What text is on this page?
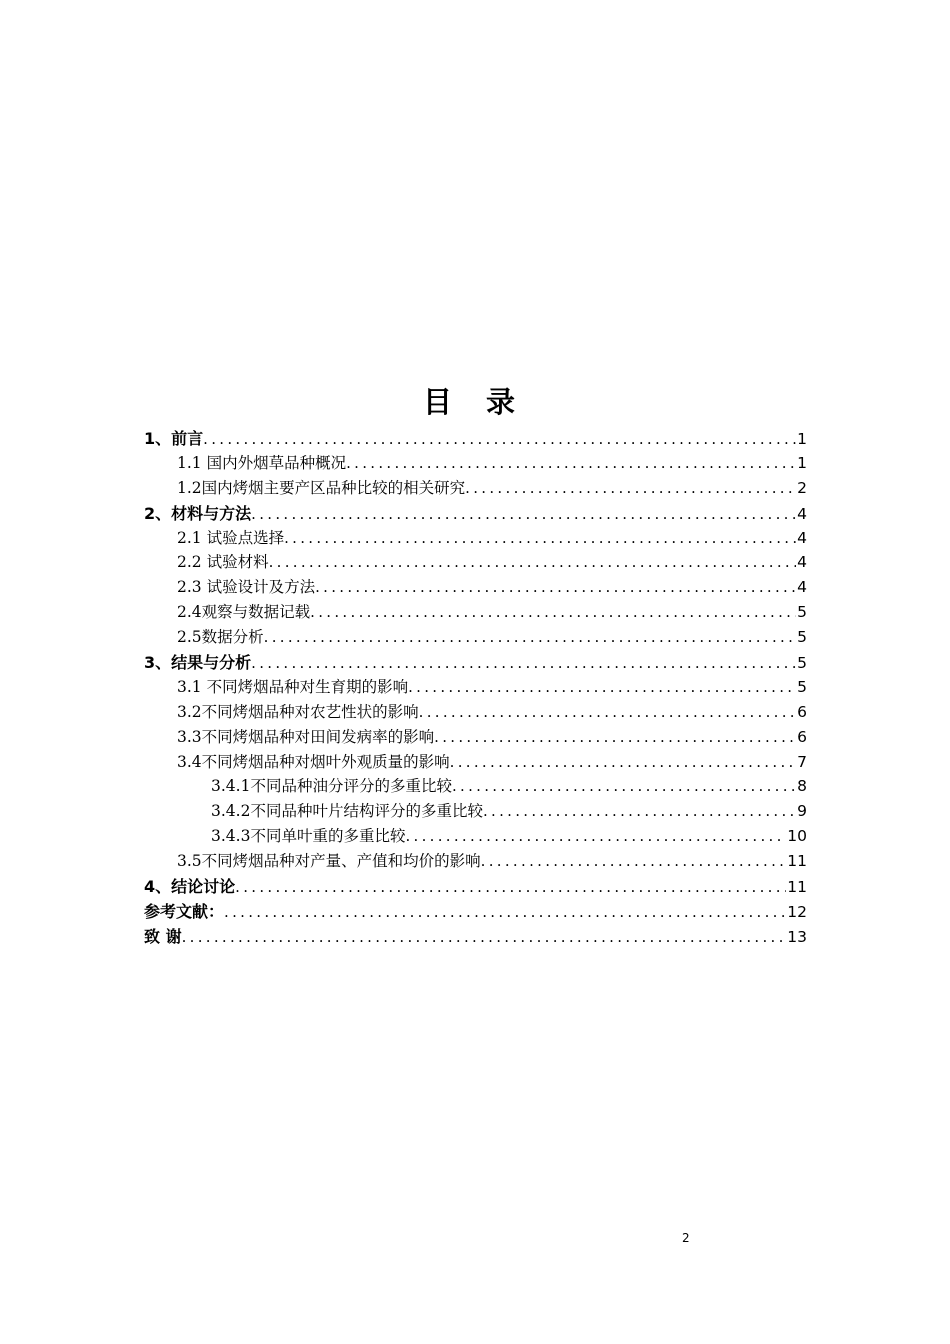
目 录
1、前言 .....	1
1.1 国内外烟草品种概况 .....	1
1.2国内烤烟主要产区品种比较的相关研究 .....	2
2、材料与方法 .....	4
2.1 试验点选择 .....	4
2.2 试验材料 .....	4
2.3 试验设计及方法 .....	4
2.4观察与数据记载 .....	5
2.5数据分析 .....	5
3、结果与分析 .....	5
3.1 不同烤烟品种对生育期的影响 .....	5
3.2不同烤烟品种对农艺性状的影响 .....	6
3.3不同烤烟品种对田间发病率的影响 .....	6
3.4不同烤烟品种对烟叶外观质量的影响 .....	7
3.4.1不同品种油分评分的多重比较 .....	8
3.4.2不同品种叶片结构评分的多重比较 .....	9
3.4.3不同单叶重的多重比较 .....	10
3.5不同烤烟品种对产量、产值和均价的影响 .....	11
4、结论讨论 .....	11
参考文献： .....	12
致 谢 .....	13
2
